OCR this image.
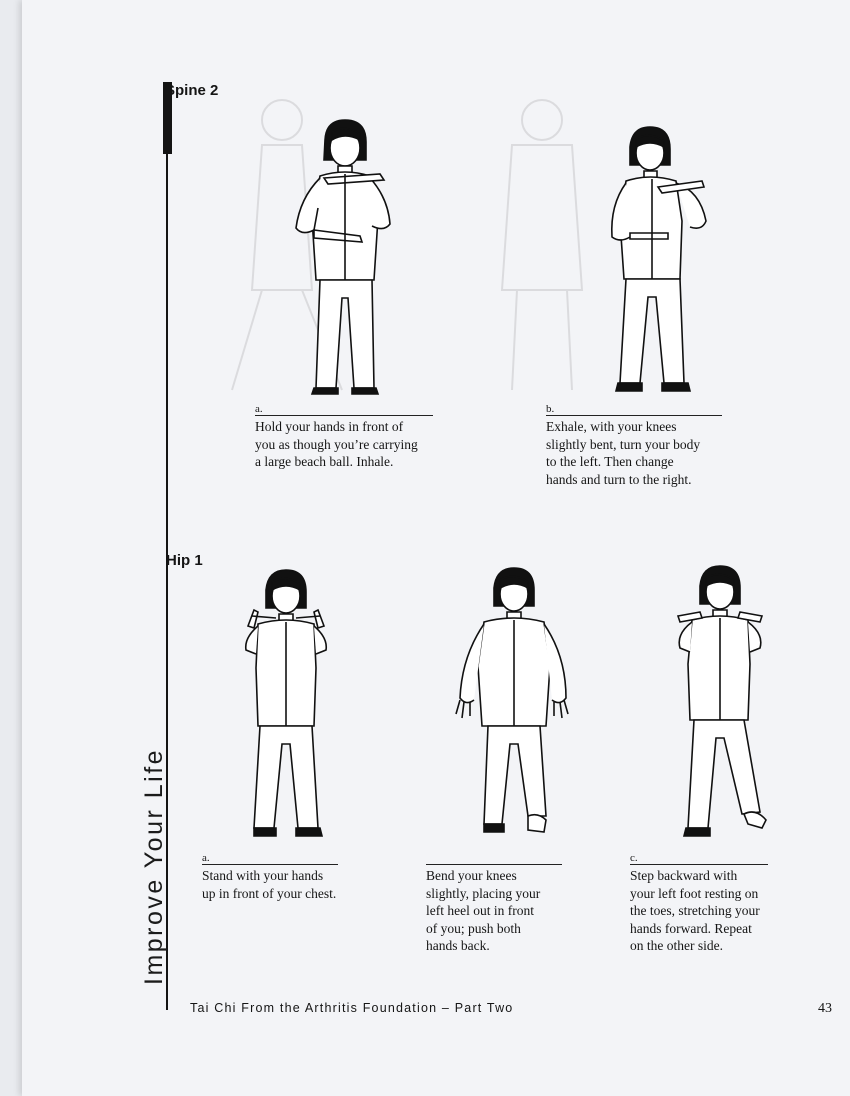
Improve Your Life
Spine 2
Hip 1
a.
Hold your hands in front of
you as though you’re carrying
a large beach ball. Inhale.
b.
Exhale, with your knees
slightly bent, turn your body
to the left. Then change
hands and turn to the right.
a.
Stand with your hands
up in front of your chest.

Bend your knees
slightly, placing your
left heel out in front
of you; push both
hands back.
c.
Step backward with
your left foot resting on
the toes, stretching your
hands forward. Repeat
on the other side.
Tai Chi From the Arthritis Foundation – Part Two	43
